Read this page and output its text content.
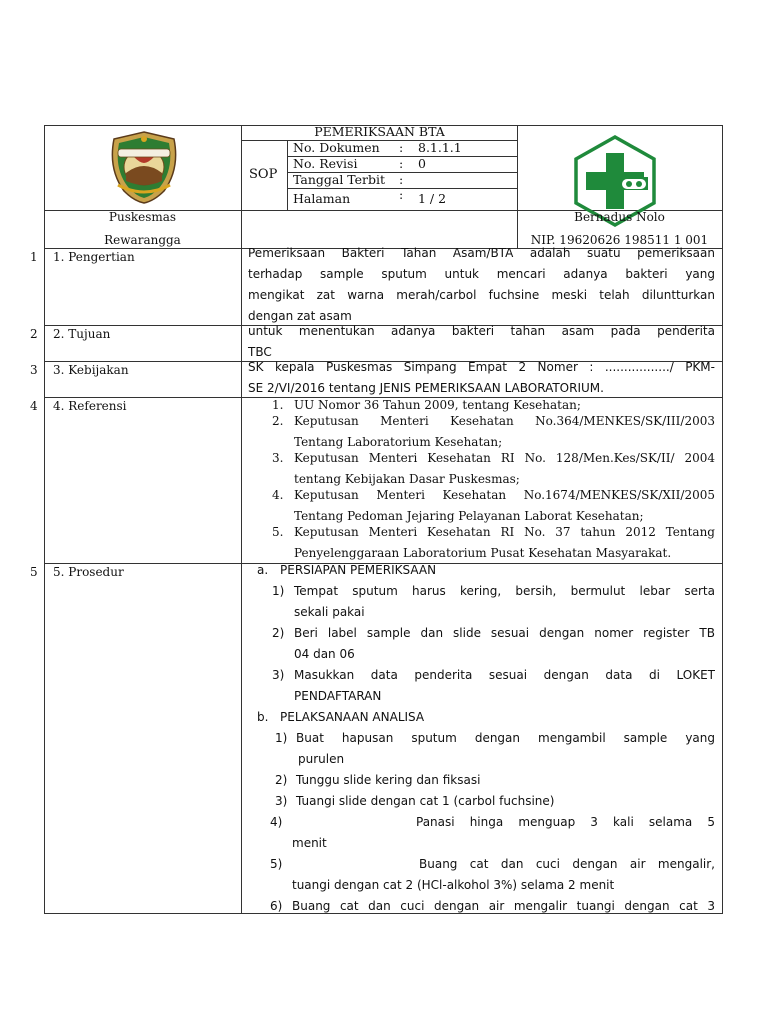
PEMERIKSAAN BTA
SOP
No. Dokumen : 8.1.1.1
No. Revisi	: 0
Tanggal Terbit :
Halaman	: 1 / 2
Puskesmas
Rewarangga
Bernadus Nolo
NIP. 19620626 198511 1 001
1 1. Pengertian	Pemeriksaan Bakteri Tahan Asam/BTA adalah suatu pemeriksaan
terhadap sample sputum untuk mencari adanya bakteri yang
mengikat zat warna merah/carbol fuchsine meski telah diluntturkan
dengan zat asam
2 2. Tujuan	untuk menentukan adanya bakteri tahan asam pada penderita
TBC
3 3. Kebijakan	SK kepala Puskesmas Simpang Empat 2 Nomer : ................./ PKM-
SE 2/VI/2016 tentang JENIS PEMERIKSAAN LABORATORIUM.
4 4. Referensi	1. UU Nomor 36 Tahun 2009, tentang Kesehatan;
2. Keputusan Menteri Kesehatan No.364/MENKES/SK/III/2003
Tentang Laboratorium Kesehatan;
3. Keputusan Menteri Kesehatan RI No. 128/Men.Kes/SK/II/ 2004
tentang Kebijakan Dasar Puskesmas;
4. Keputusan Menteri Kesehatan No.1674/MENKES/SK/XII/2005
Tentang Pedoman Jejaring Pelayanan Laborat Kesehatan;
5. Keputusan Menteri Kesehatan RI No. 37 tahun 2012 Tentang
Penyelenggaraan Laboratorium Pusat Kesehatan Masyarakat.
5 5. Prosedur	a. PERSIAPAN PEMERIKSAAN
1) Tempat sputum harus kering, bersih, bermulut lebar serta
sekali pakai
2) Beri label sample dan slide sesuai dengan nomer register TB
04 dan 06
3) Masukkan data penderita sesuai dengan data di LOKET
PENDAFTARAN
b. PELAKSANAAN ANALISA
1) Buat hapusan sputum dengan mengambil sample yang
purulen
2) Tunggu slide kering dan fiksasi
3) Tuangi slide dengan cat 1 (carbol fuchsine)
4)	Panasi hinga menguap 3 kali selama 5
menit
5)	Buang cat dan cuci dengan air mengalir,
tuangi dengan cat 2 (HCl-alkohol 3%) selama 2 menit
6) Buang cat dan cuci dengan air mengalir tuangi dengan cat 3
